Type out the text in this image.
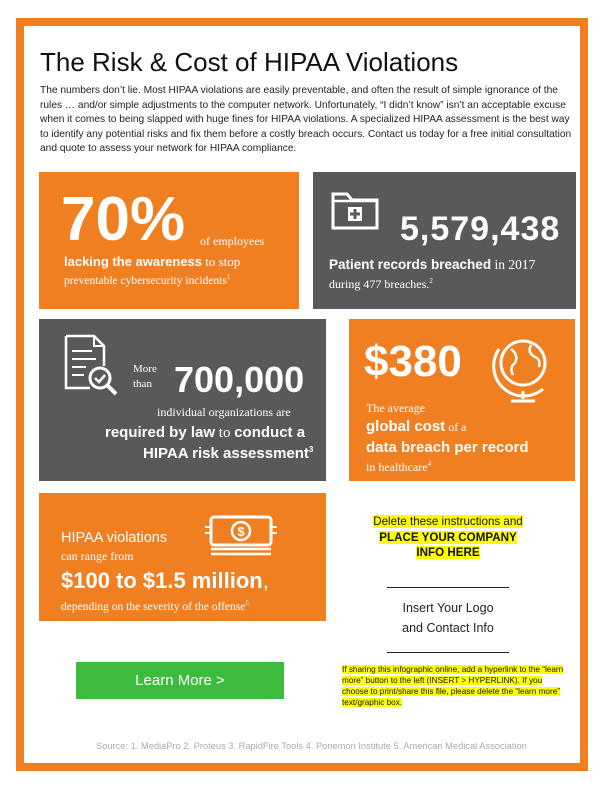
The Risk & Cost of HIPAA Violations
The numbers don’t lie. Most HIPAA violations are easily preventable, and often the result of simple ignorance of the rules … and/or simple adjustments to the computer network. Unfortunately, “I didn’t know” isn’t an acceptable excuse when it comes to being slapped with huge fines for HIPAA violations. A specialized HIPAA assessment is the best way to identify any potential risks and fix them before a costly breach occurs. Contact us today for a free initial consultation and quote to assess your network for HIPAA compliance.
70% of employees
lacking the awareness to stop
preventable cybersecurity incidents$^1$
5,579,438
Patient records breached in 2017
during 477 breaches.$^2$
More
than 700,000
individual organizations are
required by law to conduct a
HIPAA risk assessment$^3$
$380
The average
global cost of a
data breach per record
in healthcare$^4$
$
HIPAA violations
can range from
$100 to $1.5 million,
depending on the severity of the offense$^5$
Delete these instructions and
PLACE YOUR COMPANY
INFO HERE
Insert Your Logo
and Contact Info
If sharing this infographic online, add a hyperlink to the “learn more” button to the left (INSERT > HYPERLINK). If you choose to print/share this file, please delete the “learn more” text/graphic box.
Learn More >
Source: 1. MediaPro 2. Proteus 3. RapidFire Tools 4. Ponemon Institute 5. American Medical Association
